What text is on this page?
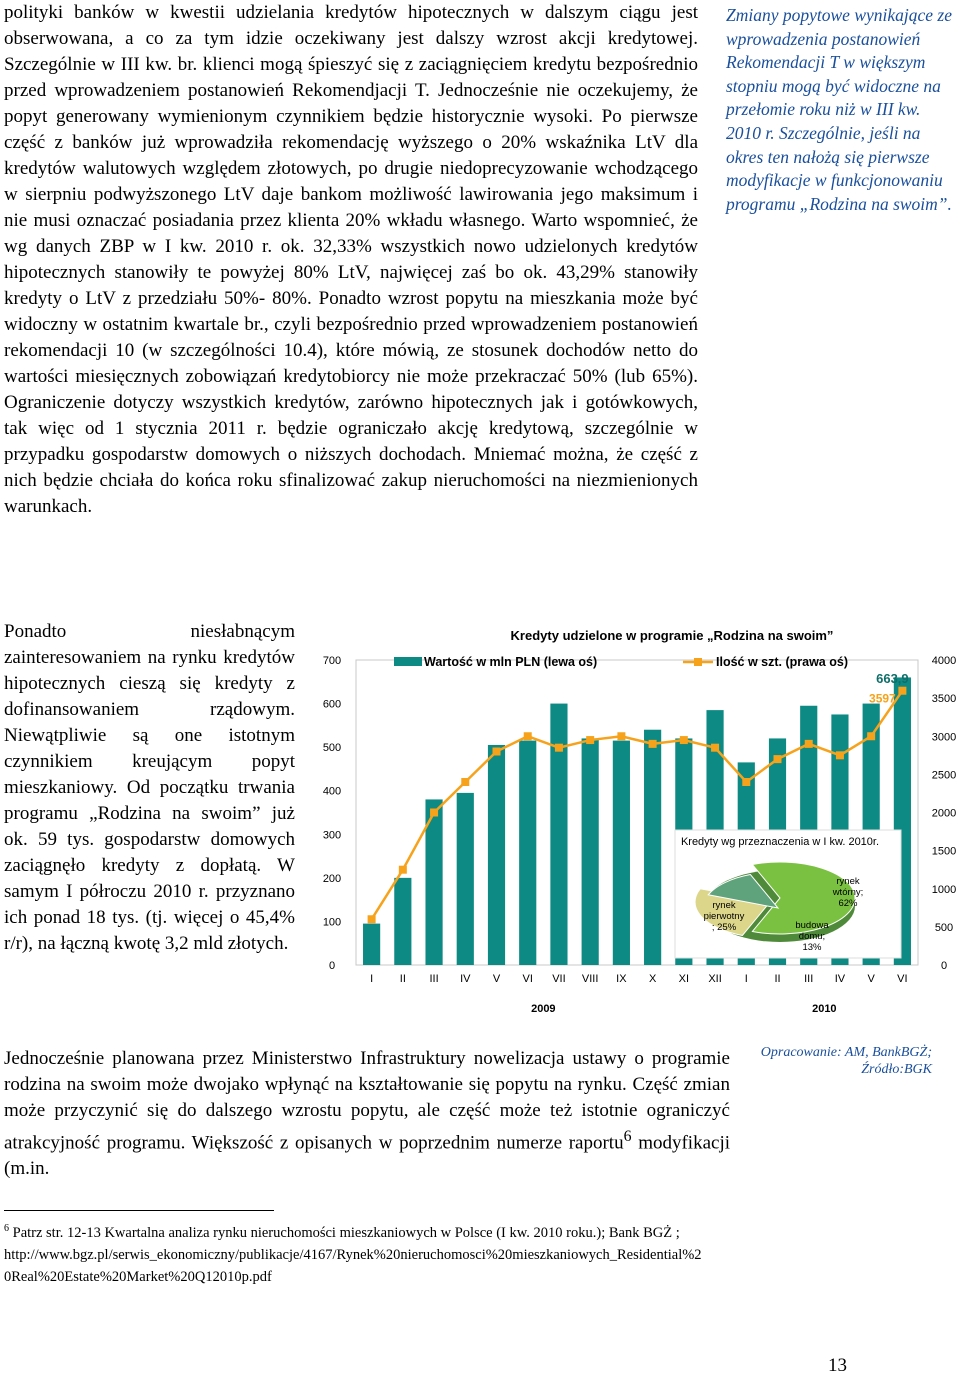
polityki banków w kwestii udzielania kredytów hipotecznych w dalszym ciągu jest obserwowana, a co za tym idzie oczekiwany jest dalszy wzrost akcji kredytowej. Szczególnie w III kw. br. klienci mogą śpieszyć się z zaciągnięciem kredytu bezpośrednio przed wprowadzeniem postanowień Rekomendjacji T. Jednocześnie nie oczekujemy, że popyt generowany wymienionym czynnikiem będzie historycznie wysoki. Po pierwsze część z banków już wprowadziła rekomendację wyższego o 20% wskaźnika LtV dla kredytów walutowych względem złotowych, po drugie niedoprecyzowanie wchodzącego w sierpniu podwyższonego LtV daje bankom możliwość lawirowania jego maksimum i nie musi oznaczać posiadania przez klienta 20% wkładu własnego. Warto wspomnieć, że wg danych ZBP w I kw. 2010 r. ok. 32,33% wszystkich nowo udzielonych kredytów hipotecznych stanowiły te powyżej 80% LtV, najwięcej zaś bo ok. 43,29% stanowiły kredyty o LtV z przedziału 50%- 80%. Ponadto wzrost popytu na mieszkania może być widoczny w ostatnim kwartale br., czyli bezpośrednio przed wprowadzeniem postanowień rekomendacji 10 (w szczególności 10.4), które mówią, ze stosunek dochodów netto do wartości miesięcznych zobowiązań kredytobiorcy nie może przekraczać 50% (lub 65%). Ograniczenie dotyczy wszystkich kredytów, zarówno hipotecznych jak i gotówkowych, tak więc od 1 stycznia 2011 r. będzie ograniczało akcję kredytową, szczególnie w przypadku gospodarstw domowych o niższych dochodach. Mniemać można, że część z nich będzie chciała do końca roku sfinalizować zakup nieruchomości na niezmienionych warunkach.

Zmiany popytowe wynikające ze wprowadzenia postanowień Rekomendacji T w większym stopniu mogą być widoczne na przełomie roku niż w III kw. 2010 r. Szczególnie, jeśli na okres ten nałożą się pierwsze modyfikacje w funkcjonowaniu programu „Rodzina na swoim”.

Ponadto niesłabnącym zainteresowaniem na rynku kredytów hipotecznych cieszą się kredyty z dofinansowaniem rządowym. Niewątpliwie są one istotnym czynnikiem kreującym popyt mieszkaniowy. Od początku trwania programu „Rodzina na swoim” już ok. 59 tys. gospodarstw domowych zaciągnęło kredyty z dopłatą. W samym I półroczu 2010 r. przyznano ich ponad 18 tys. (tj. więcej o 45,4% r/r), na łączną kwotę 3,2 mld złotych.

Kredyty udzielone w programie „Rodzina na swoim”
Wartość w mln PLN (lewa oś)	Ilość w szt. (prawa oś)
0
100
200
300
400
500
600
700
0
500
1000
1500
2000
2500
3000
3500
4000
I II III IV V VI VII VIII IX X XI XII I II III IV V VI
2009	2010
663,9
3597
Kredyty wg przeznaczenia w I kw. 2010r.
rynek wtórny; 62%
rynek pierwotny ; 25%	budowa domu; 13%

Jednocześnie planowana przez Ministerstwo Infrastruktury nowelizacja ustawy o programie rodzina na swoim może dwojako wpłynąć na kształtowanie się popytu na rynku. Część zmian może przyczynić się do dalszego wzrostu popytu, ale część może też istotnie ograniczyć atrakcyjność programu. Większość z opisanych w poprzednim numerze raportu$^6$ modyfikacji (m.in.

Opracowanie: AM, BankBGŻ; Źródło:BGK

$^6$ Patrz str. 12-13 Kwartalna analiza rynku nieruchomości mieszkaniowych w Polsce (I kw. 2010 roku.); Bank BGŻ ;
http://www.bgz.pl/serwis_ekonomiczny/publikacje/4167/Rynek%20nieruchomosci%20mieszkaniowych_Residential%20Real%20Estate%20Market%20Q12010p.pdf

13
